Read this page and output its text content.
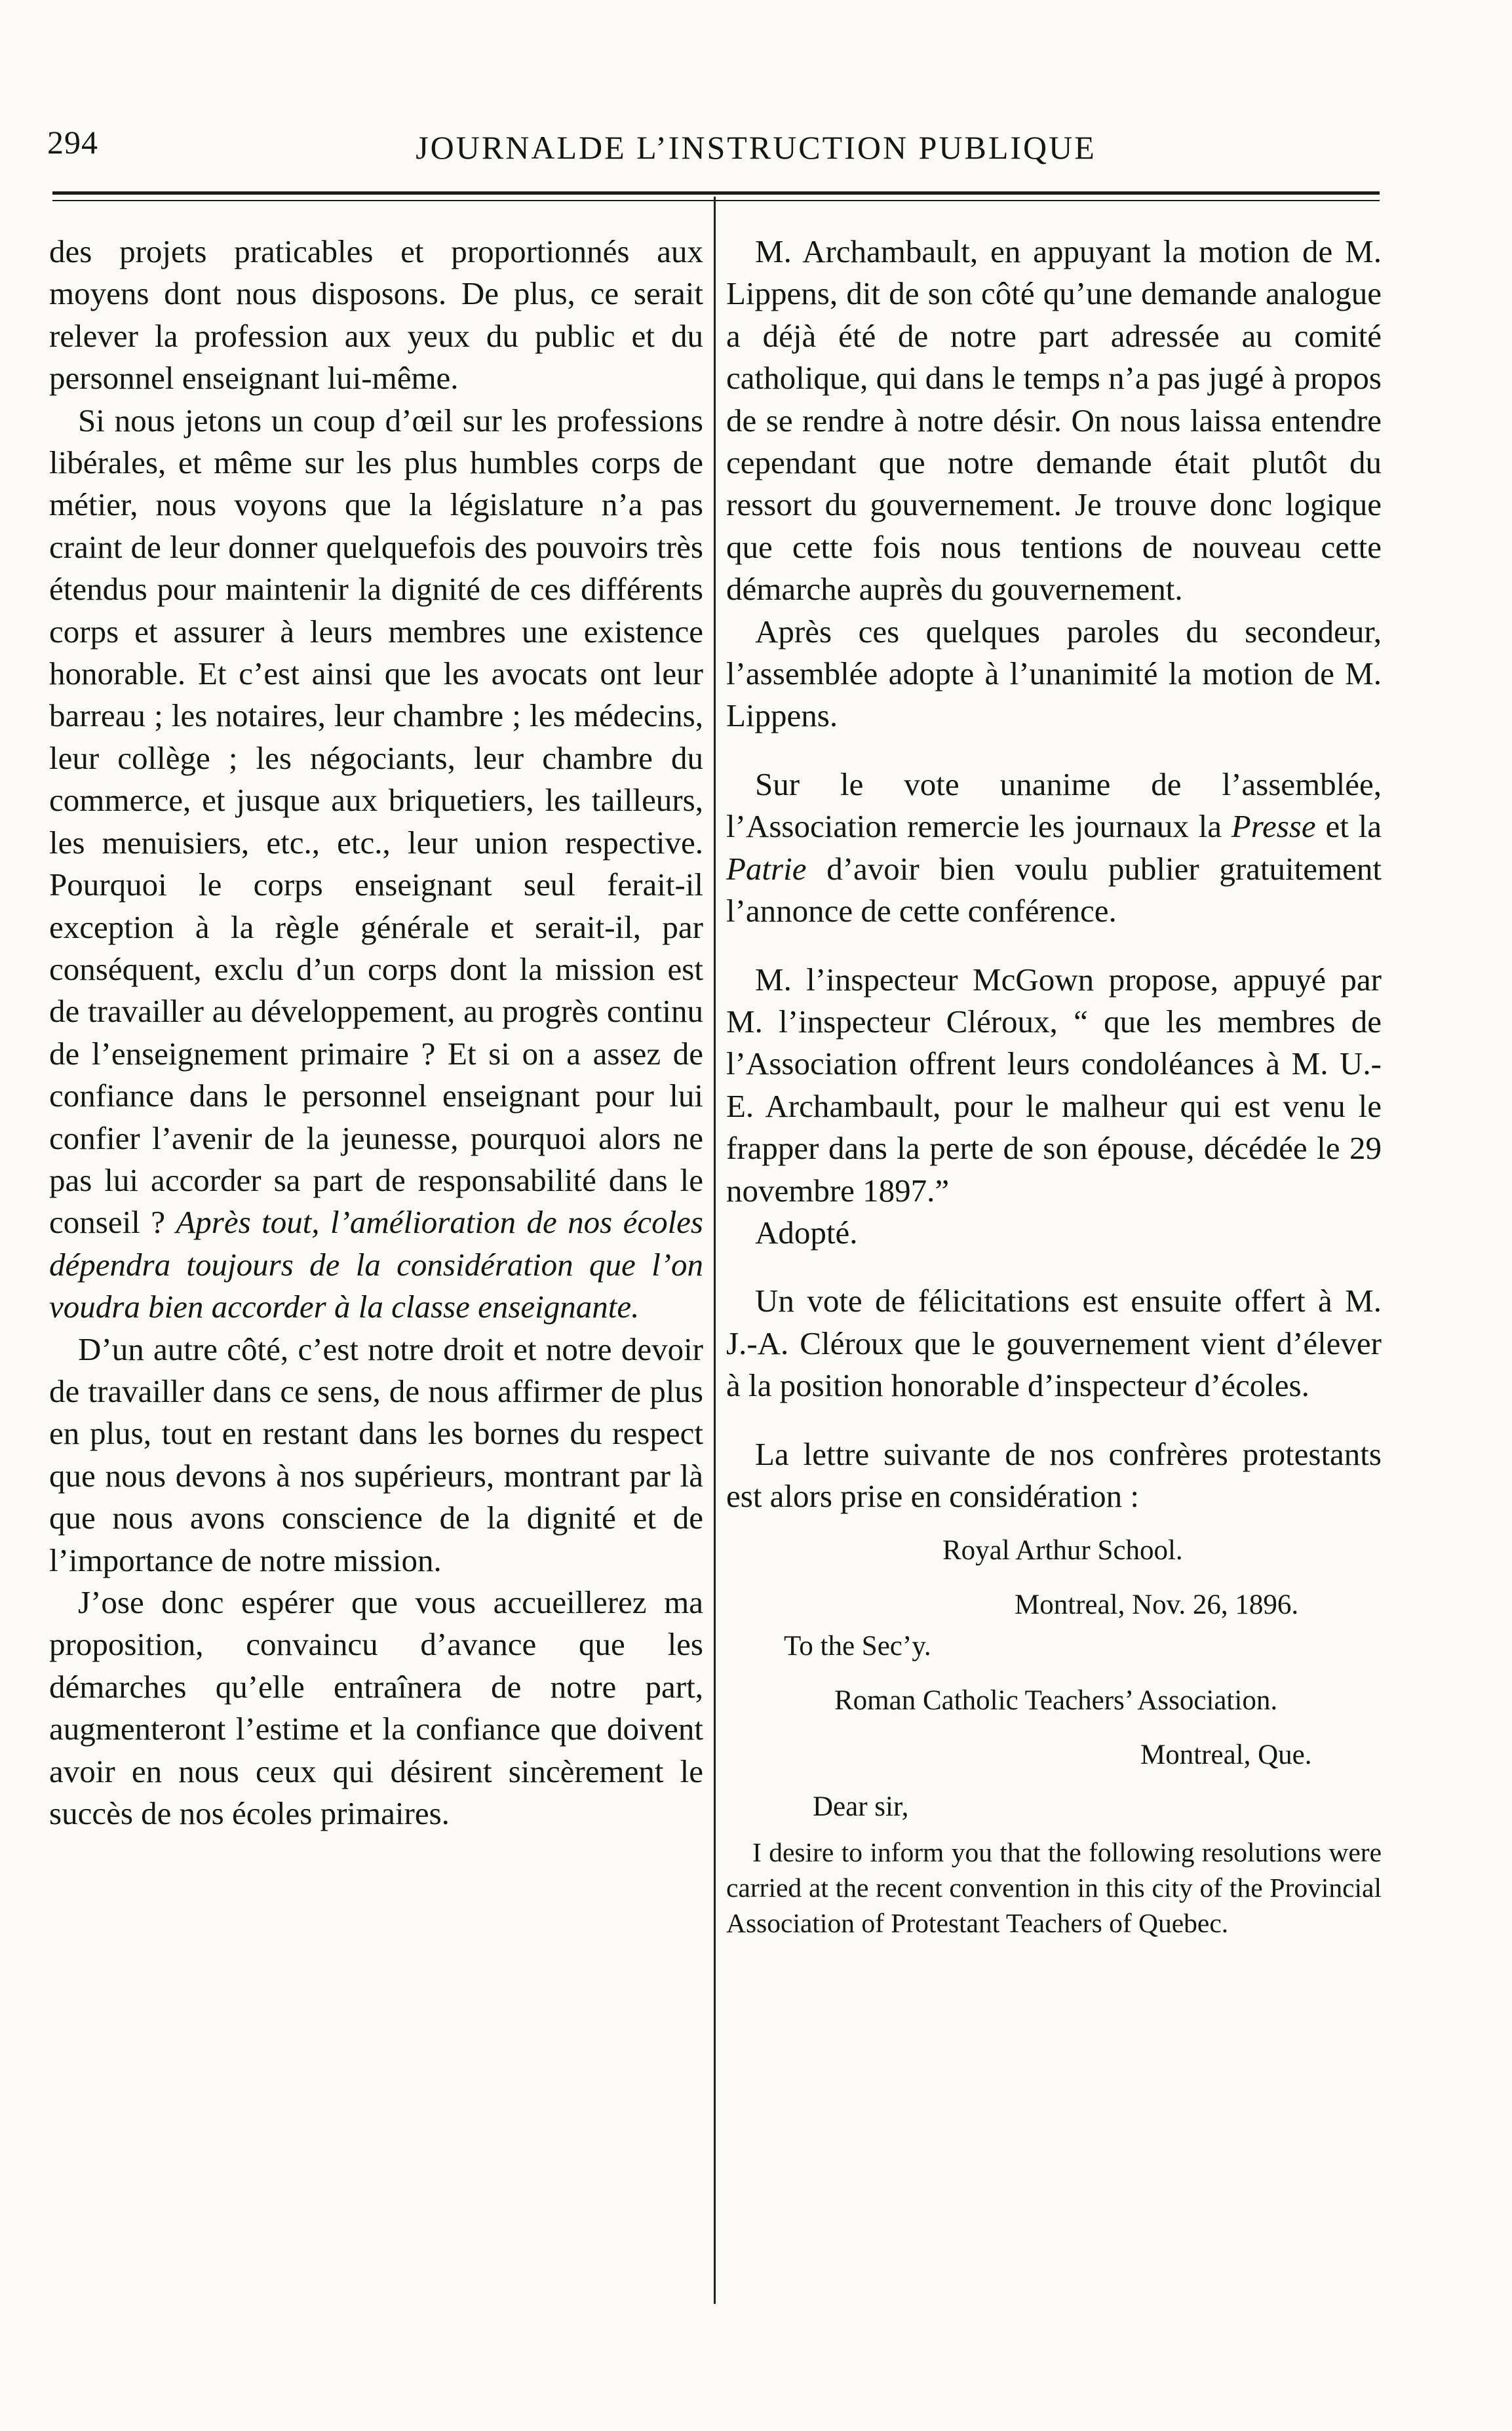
294	JOURNALDE L’INSTRUCTION PUBLIQUE

des projets praticables et proportionnés aux moyens dont nous disposons. De plus, ce serait relever la profession aux yeux du public et du personnel enseignant lui-même.

Si nous jetons un coup d’œil sur les professions libérales, et même sur les plus humbles corps de métier, nous voyons que la législature n’a pas craint de leur donner quelquefois des pouvoirs très étendus pour maintenir la dignité de ces différents corps et assurer à leurs membres une existence honorable. Et c’est ainsi que les avocats ont leur barreau ; les notaires, leur chambre ; les médecins, leur collège ; les négociants, leur chambre du commerce, et jusque aux briquetiers, les tailleurs, les menuisiers, etc., etc., leur union respective. Pourquoi le corps enseignant seul ferait-il exception à la règle générale et serait-il, par conséquent, exclu d’un corps dont la mission est de travailler au développement, au progrès continu de l’enseignement primaire ? Et si on a assez de confiance dans le personnel enseignant pour lui confier l’avenir de la jeunesse, pourquoi alors ne pas lui accorder sa part de responsabilité dans le conseil ? Après tout, l’amélioration de nos écoles dépendra toujours de la considération que l’on voudra bien accorder à la classe enseignante.

D’un autre côté, c’est notre droit et notre devoir de travailler dans ce sens, de nous affirmer de plus en plus, tout en restant dans les bornes du respect que nous devons à nos supérieurs, montrant par là que nous avons conscience de la dignité et de l’importance de notre mission.

J’ose donc espérer que vous accueillerez ma proposition, convaincu d’avance que les démarches qu’elle entraînera de notre part, augmenteront l’estime et la confiance que doivent avoir en nous ceux qui désirent sincèrement le succès de nos écoles primaires.

M. Archambault, en appuyant la motion de M. Lippens, dit de son côté qu’une demande analogue a déjà été de notre part adressée au comité catholique, qui dans le temps n’a pas jugé à propos de se rendre à notre désir. On nous laissa entendre cependant que notre demande était plutôt du ressort du gouvernement. Je trouve donc logique que cette fois nous tentions de nouveau cette démarche auprès du gouvernement.

Après ces quelques paroles du secondeur, l’assemblée adopte à l’unanimité la motion de M. Lippens.

Sur le vote unanime de l’assemblée, l’Association remercie les journaux la Presse et la Patrie d’avoir bien voulu publier gratuitement l’annonce de cette conférence.

M. l’inspecteur McGown propose, appuyé par M. l’inspecteur Cléroux, “ que les membres de l’Association offrent leurs condoléances à M. U.-E. Archambault, pour le malheur qui est venu le frapper dans la perte de son épouse, décédée le 29 novembre 1897.”

Adopté.

Un vote de félicitations est ensuite offert à M. J.-A. Cléroux que le gouvernement vient d’élever à la position honorable d’inspecteur d’écoles.

La lettre suivante de nos confrères protestants est alors prise en considération :

Royal Arthur School.

Montreal, Nov. 26, 1896.

To the Sec’y.

Roman Catholic Teachers’ Association.

Montreal, Que.

Dear sir,

I desire to inform you that the following resolutions were carried at the recent convention in this city of the Provincial Association of Protestant Teachers of Quebec.
